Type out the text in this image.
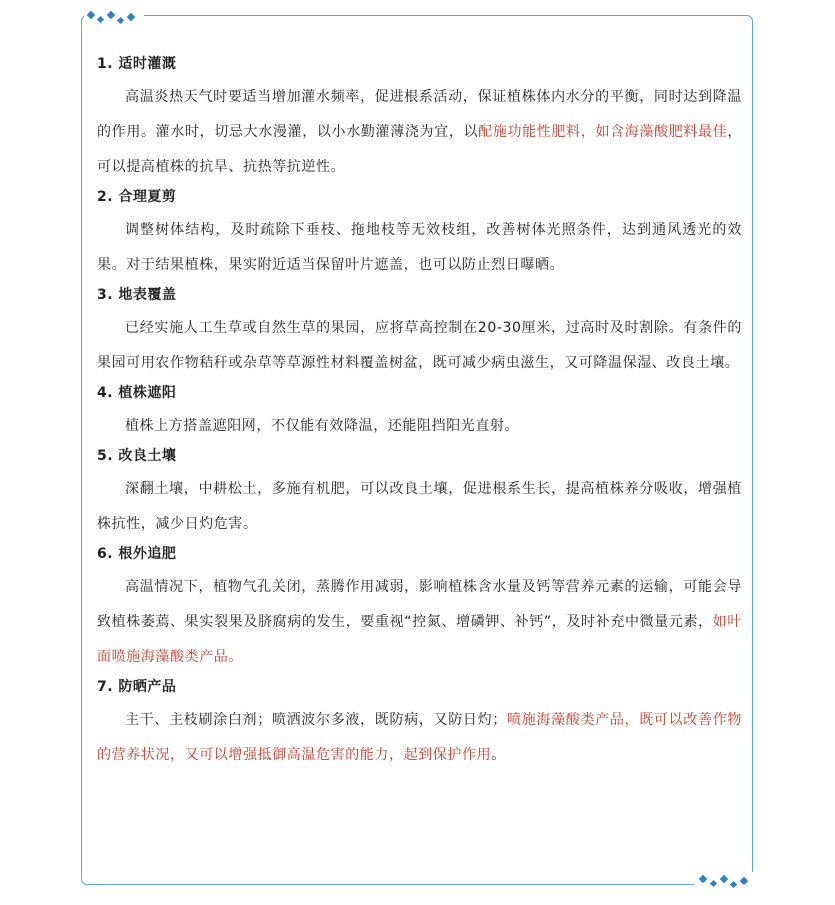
1. 适时灌溉

高温炎热天气时要适当增加灌水频率，促进根系活动，保证植株体内水分的平衡，同时达到降温的作用。灌水时，切忌大水漫灌，以小水勤灌薄浇为宜，以配施功能性肥料，如含海藻酸肥料最佳，可以提高植株的抗旱、抗热等抗逆性。

2. 合理夏剪

调整树体结构，及时疏除下垂枝、拖地枝等无效枝组，改善树体光照条件，达到通风透光的效果。对于结果植株，果实附近适当保留叶片遮盖，也可以防止烈日曝晒。

3. 地表覆盖

已经实施人工生草或自然生草的果园，应将草高控制在20-30厘米，过高时及时割除。有条件的果园可用农作物秸秆或杂草等草源性材料覆盖树盆，既可减少病虫滋生，又可降温保湿、改良土壤。

4. 植株遮阳

植株上方搭盖遮阳网，不仅能有效降温，还能阻挡阳光直射。

5. 改良土壤

深翻土壤，中耕松土，多施有机肥，可以改良土壤，促进根系生长，提高植株养分吸收，增强植株抗性，减少日灼危害。

6. 根外追肥

高温情况下，植物气孔关闭，蒸腾作用减弱，影响植株含水量及钙等营养元素的运输，可能会导致植株萎蔫、果实裂果及脐腐病的发生，要重视“控氮、增磷钾、补钙”，及时补充中微量元素，如叶面喷施海藻酸类产品。

7. 防晒产品

主干、主枝刷涂白剂；喷洒波尔多液，既防病，又防日灼；喷施海藻酸类产品，既可以改善作物的营养状况，又可以增强抵御高温危害的能力，起到保护作用。
